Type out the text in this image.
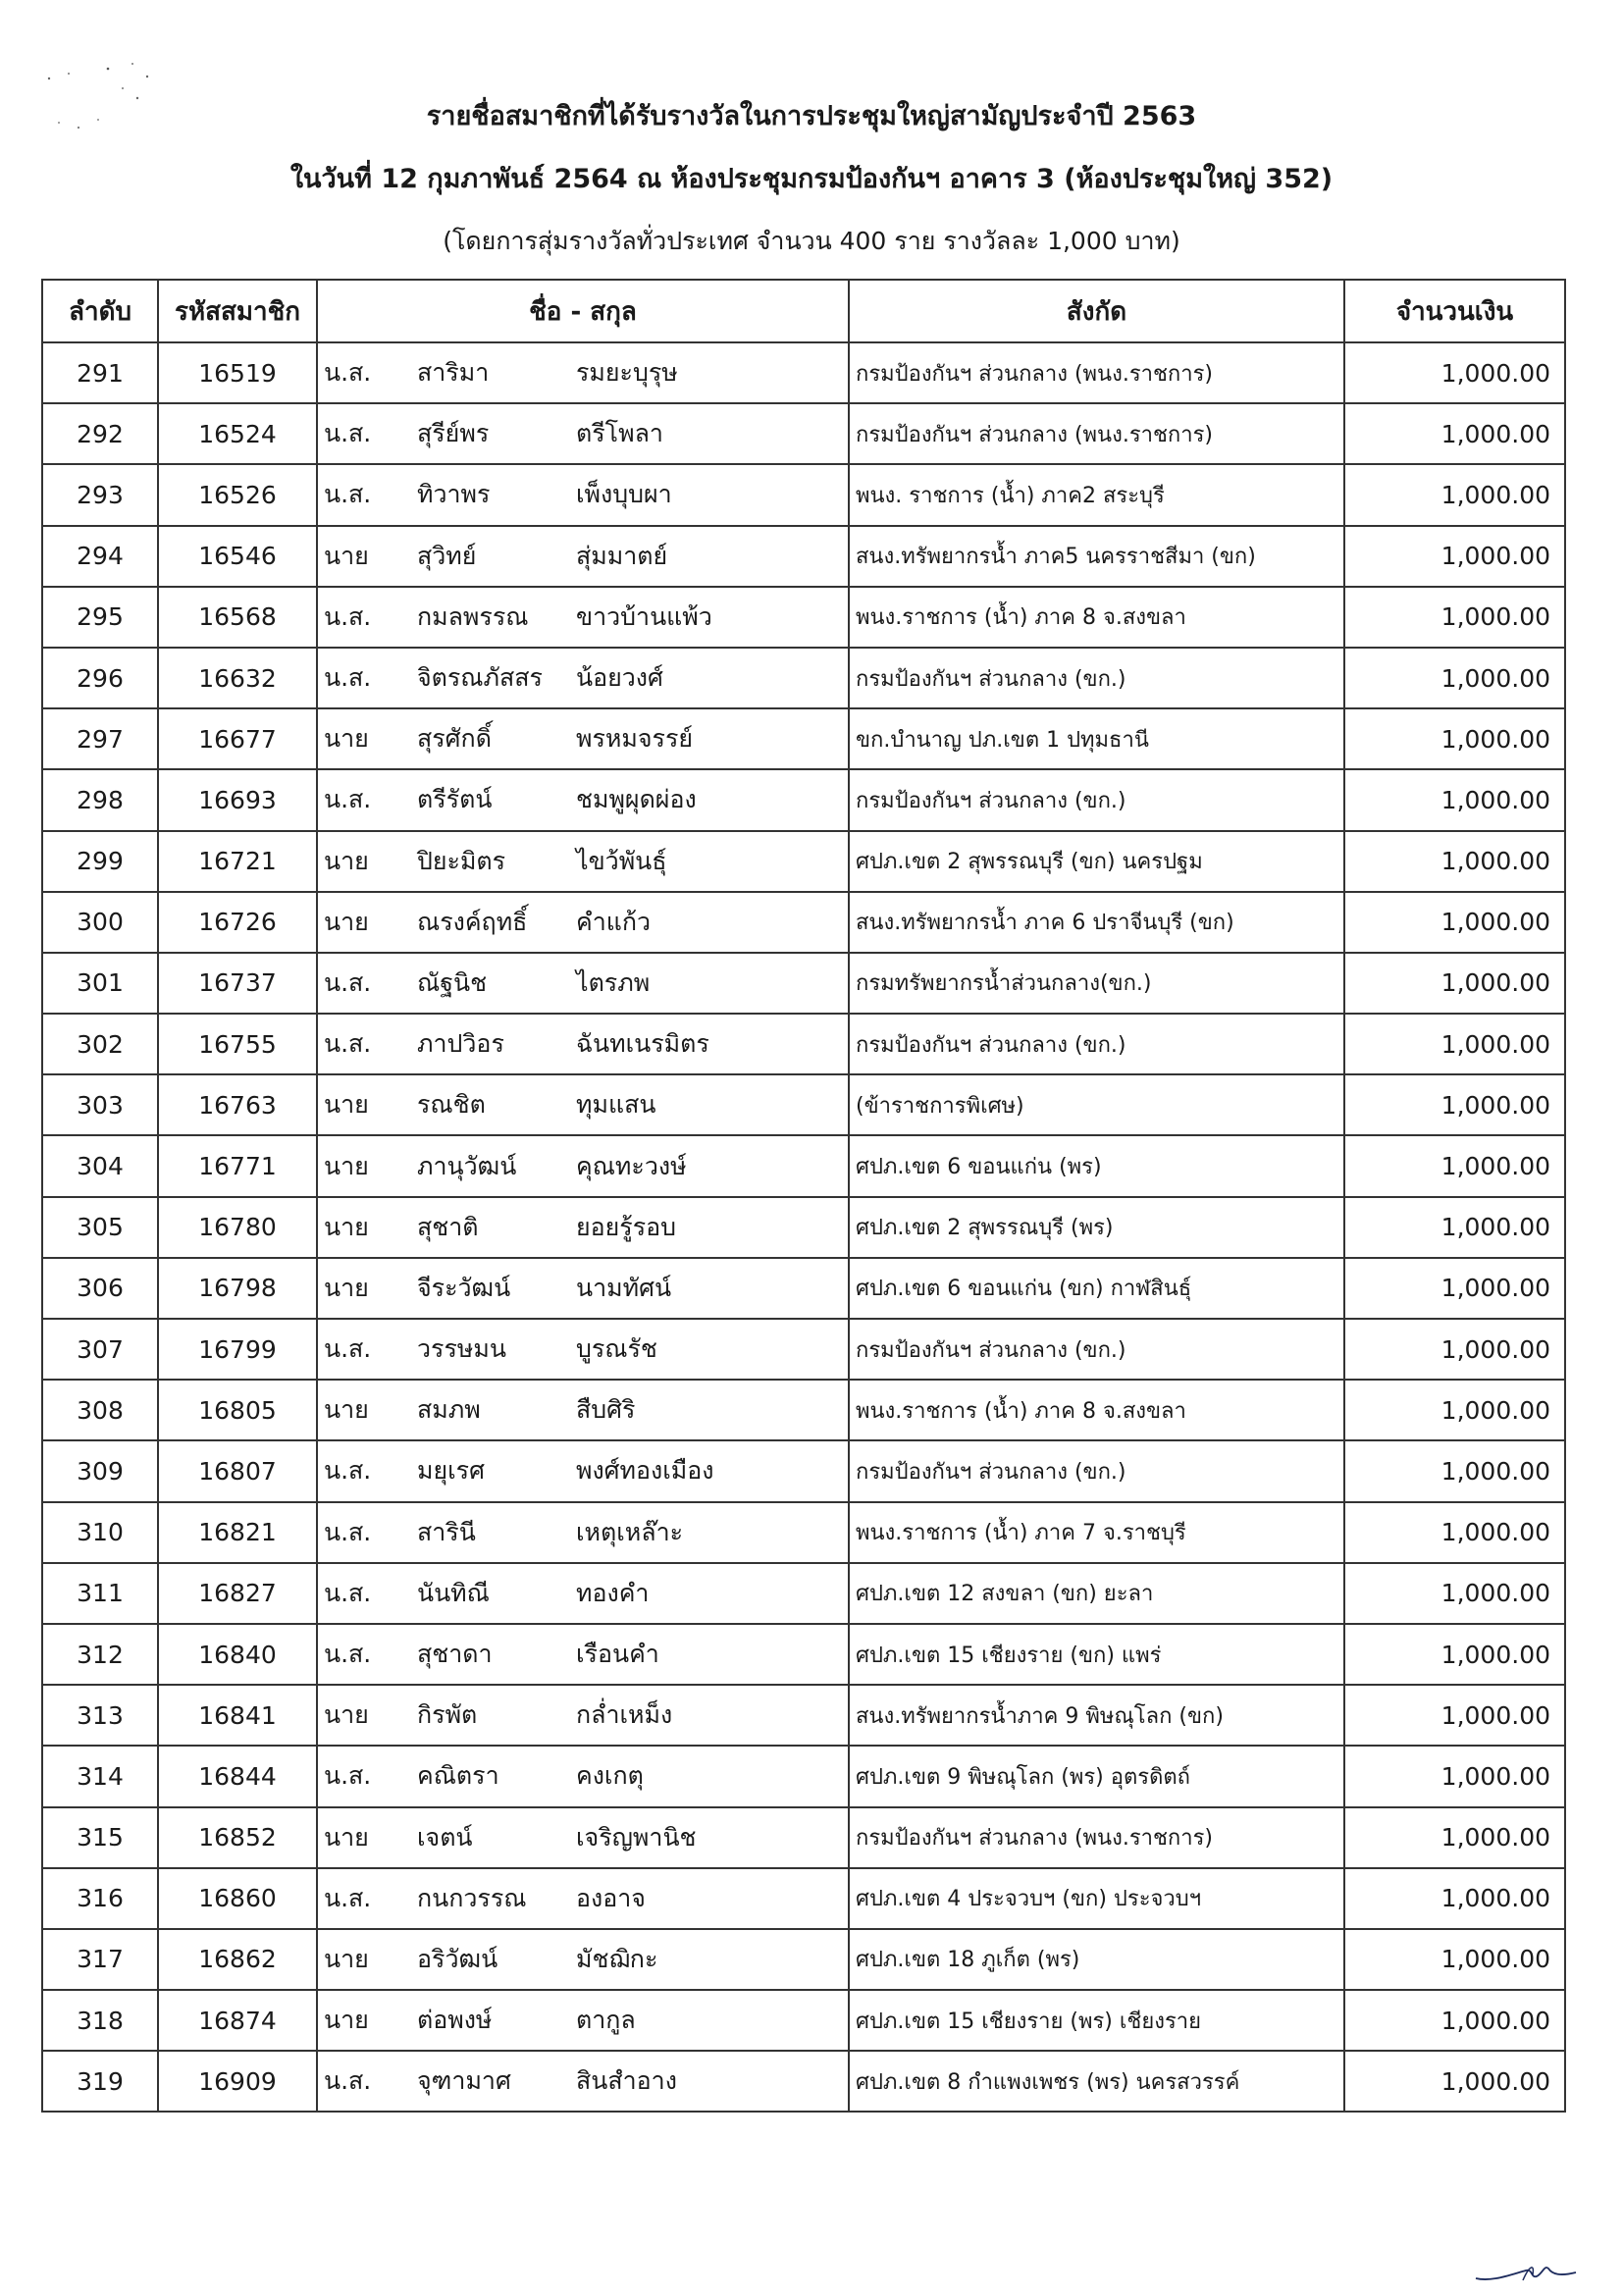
รายชื่อสมาชิกที่ได้รับรางวัลในการประชุมใหญ่สามัญประจำปี 2563
ในวันที่ 12 กุมภาพันธ์ 2564 ณ ห้องประชุมกรมป้องกันฯ อาคาร 3 (ห้องประชุมใหญ่ 352)
(โดยการสุ่มรางวัลทั่วประเทศ จำนวน 400 ราย รางวัลละ 1,000 บาท)
ลำดับ	รหัสสมาชิก	ชื่อ - สกุล	สังกัด	จำนวนเงิน
291	16519	น.ส. สาริมา รมยะบุรุษ	กรมป้องกันฯ ส่วนกลาง (พนง.ราชการ)	1,000.00
292	16524	น.ส. สุรีย์พร ตรีโพลา	กรมป้องกันฯ ส่วนกลาง (พนง.ราชการ)	1,000.00
293	16526	น.ส. ทิวาพร เพ็งบุบผา	พนง. ราชการ (น้ำ) ภาค2 สระบุรี	1,000.00
294	16546	นาย สุวิทย์ สุ่มมาตย์	สนง.ทรัพยากรน้ำ ภาค5 นครราชสีมา (ขก)	1,000.00
295	16568	น.ส. กมลพรรณ ขาวบ้านแพ้ว	พนง.ราชการ (น้ำ) ภาค 8 จ.สงขลา	1,000.00
296	16632	น.ส. จิตรณภัสสร น้อยวงศ์	กรมป้องกันฯ ส่วนกลาง (ขก.)	1,000.00
297	16677	นาย สุรศักดิ์ พรหมจรรย์	ขก.บำนาญ ปภ.เขต 1 ปทุมธานี	1,000.00
298	16693	น.ส. ตรีรัตน์ ชมพูผุดผ่อง	กรมป้องกันฯ ส่วนกลาง (ขก.)	1,000.00
299	16721	นาย ปิยะมิตร ไขว้พันธุ์	ศปภ.เขต 2 สุพรรณบุรี (ขก) นครปฐม	1,000.00
300	16726	นาย ณรงค์ฤทธิ์ คำแก้ว	สนง.ทรัพยากรน้ำ ภาค 6 ปราจีนบุรี (ขก)	1,000.00
301	16737	น.ส. ณัฐนิช ไตรภพ	กรมทรัพยากรน้ำส่วนกลาง(ขก.)	1,000.00
302	16755	น.ส. ภาปวิอร ฉันทเนรมิตร	กรมป้องกันฯ ส่วนกลาง (ขก.)	1,000.00
303	16763	นาย รณชิต ทุมแสน	(ข้าราชการพิเศษ)	1,000.00
304	16771	นาย ภานุวัฒน์ คุณทะวงษ์	ศปภ.เขต 6 ขอนแก่น (พร)	1,000.00
305	16780	นาย สุชาติ ยอยรู้รอบ	ศปภ.เขต 2 สุพรรณบุรี (พร)	1,000.00
306	16798	นาย จีระวัฒน์ นามทัศน์	ศปภ.เขต 6 ขอนแก่น (ขก) กาฬสินธุ์	1,000.00
307	16799	น.ส. วรรษมน บูรณรัช	กรมป้องกันฯ ส่วนกลาง (ขก.)	1,000.00
308	16805	นาย สมภพ สืบศิริ	พนง.ราชการ (น้ำ) ภาค 8 จ.สงขลา	1,000.00
309	16807	น.ส. มยุเรศ พงศ์ทองเมือง	กรมป้องกันฯ ส่วนกลาง (ขก.)	1,000.00
310	16821	น.ส. สารินี เหตุเหล๊าะ	พนง.ราชการ (น้ำ) ภาค 7 จ.ราชบุรี	1,000.00
311	16827	น.ส. นันทิณี ทองคำ	ศปภ.เขต 12 สงขลา (ขก) ยะลา	1,000.00
312	16840	น.ส. สุชาดา เรือนคำ	ศปภ.เขต 15 เชียงราย (ขก) แพร่	1,000.00
313	16841	นาย กิรพัต กล่ำเหม็ง	สนง.ทรัพยากรน้ำภาค 9 พิษณุโลก (ขก)	1,000.00
314	16844	น.ส. คณิตรา คงเกตุ	ศปภ.เขต 9 พิษณุโลก (พร) อุตรดิตถ์	1,000.00
315	16852	นาย เจตน์ เจริญพานิช	กรมป้องกันฯ ส่วนกลาง (พนง.ราชการ)	1,000.00
316	16860	น.ส. กนกวรรณ องอาจ	ศปภ.เขต 4 ประจวบฯ (ขก) ประจวบฯ	1,000.00
317	16862	นาย อริวัฒน์ มัชฌิกะ	ศปภ.เขต 18 ภูเก็ต (พร)	1,000.00
318	16874	นาย ต่อพงษ์ ตากูล	ศปภ.เขต 15 เชียงราย (พร) เชียงราย	1,000.00
319	16909	น.ส. จุฑามาศ สินสำอาง	ศปภ.เขต 8 กำแพงเพชร (พร) นครสวรรค์	1,000.00
